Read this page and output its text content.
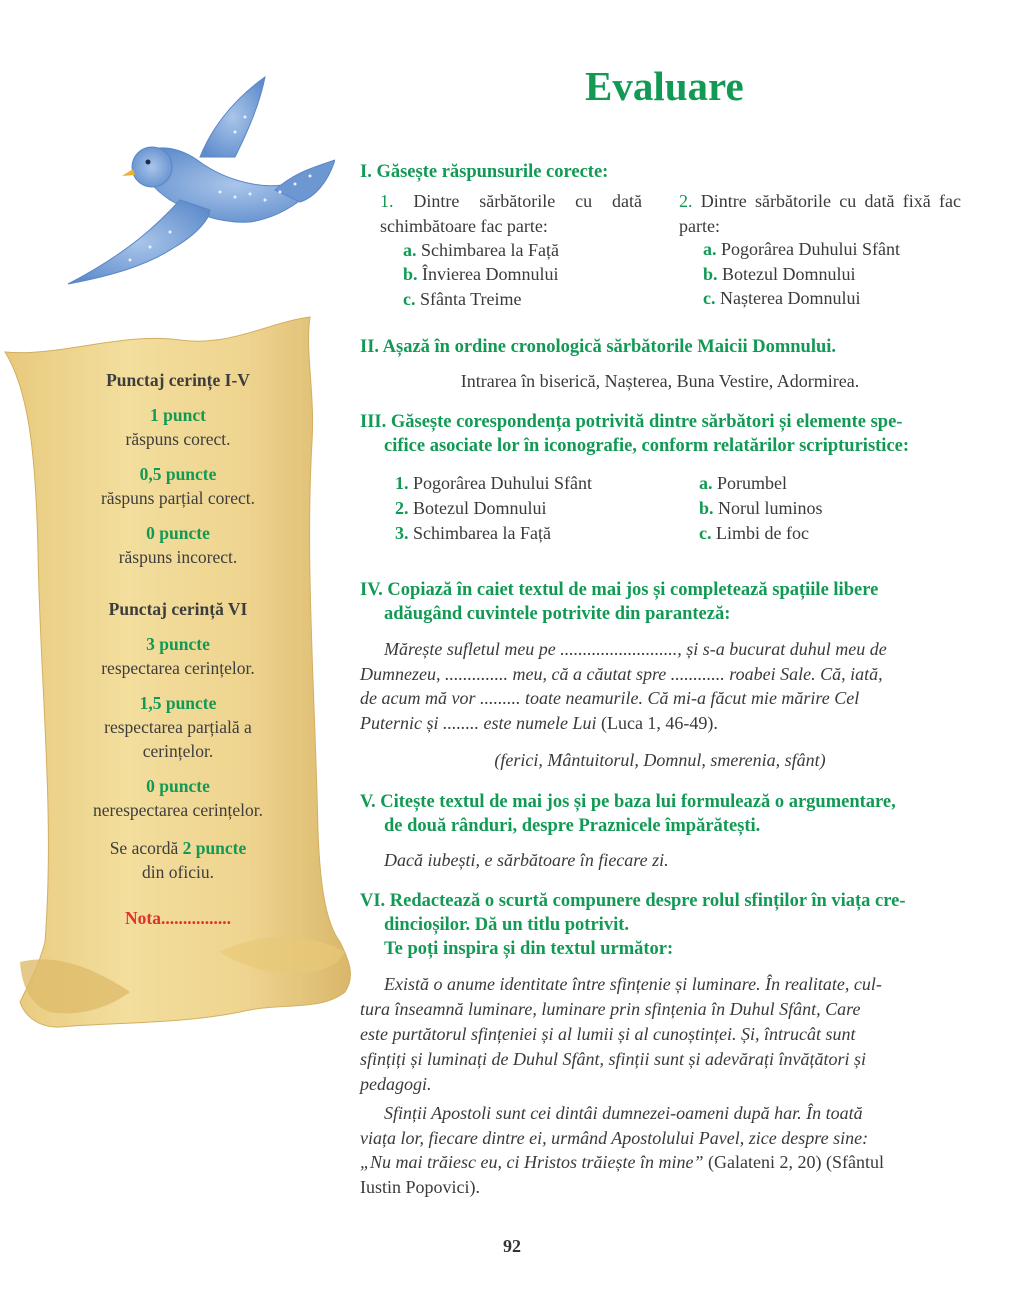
Evaluare
Punctaj cerințe I-V
1 punct
răspuns corect.
0,5 puncte
răspuns parțial corect.
0 puncte
răspuns incorect.
Punctaj cerință VI
3 puncte
respectarea cerințelor.
1,5 puncte
respectarea parțială a cerințelor.
0 puncte
nerespectarea cerințelor.
Se acordă 2 puncte
din oficiu.
Nota................
I. Găsește răspunsurile corecte:
1. Dintre sărbătorile cu dată schimbătoare fac parte:
a. Schimbarea la Față
b. Învierea Domnului
c. Sfânta Treime
2. Dintre sărbătorile cu dată fixă fac parte:
a. Pogorârea Duhului Sfânt
b. Botezul Domnului
c. Nașterea Domnului
II. Așază în ordine cronologică sărbătorile Maicii Domnului.
Intrarea în biserică, Nașterea, Buna Vestire, Adormirea.
III. Găsește corespondența potrivită dintre sărbători și elemente spe-
cifice asociate lor în iconografie, conform relatărilor scripturistice:
1. Pogorârea Duhului Sfânt
2. Botezul Domnului
3. Schimbarea la Față
a. Porumbel
b. Norul luminos
c. Limbi de foc
IV. Copiază în caiet textul de mai jos și completează spațiile libere
adăugând cuvintele potrivite din paranteză:
Mărește sufletul meu pe .........................., și s-a bucurat duhul meu de
Dumnezeu, .............. meu, că a căutat spre ............ roabei Sale. Că, iată,
de acum mă vor ......... toate neamurile. Că mi-a făcut mie mărire Cel
Puternic și ........ este numele Lui (Luca 1, 46-49).
(ferici, Mântuitorul, Domnul, smerenia, sfânt)
V. Citește textul de mai jos și pe baza lui formulează o argumentare,
de două rânduri, despre Praznicele împărătești.
Dacă iubești, e sărbătoare în fiecare zi.
VI. Redactează o scurtă compunere despre rolul sfinților în viața cre-
dincioșilor. Dă un titlu potrivit.
Te poți inspira și din textul următor:
Există o anume identitate între sfințenie și luminare. În realitate, cul-
tura înseamnă luminare, luminare prin sfințenia în Duhul Sfânt, Care
este purtătorul sfințeniei și al lumii și al cunoștinței. Și, întrucât sunt
sfințiți și luminați de Duhul Sfânt, sfinții sunt și adevărați învățători și
pedagogi.
Sfinții Apostoli sunt cei dintâi dumnezei-oameni după har. În toată
viața lor, fiecare dintre ei, urmând Apostolului Pavel, zice despre sine:
„Nu mai trăiesc eu, ci Hristos trăiește în mine” (Galateni 2, 20) (Sfântul
Iustin Popovici).
92
